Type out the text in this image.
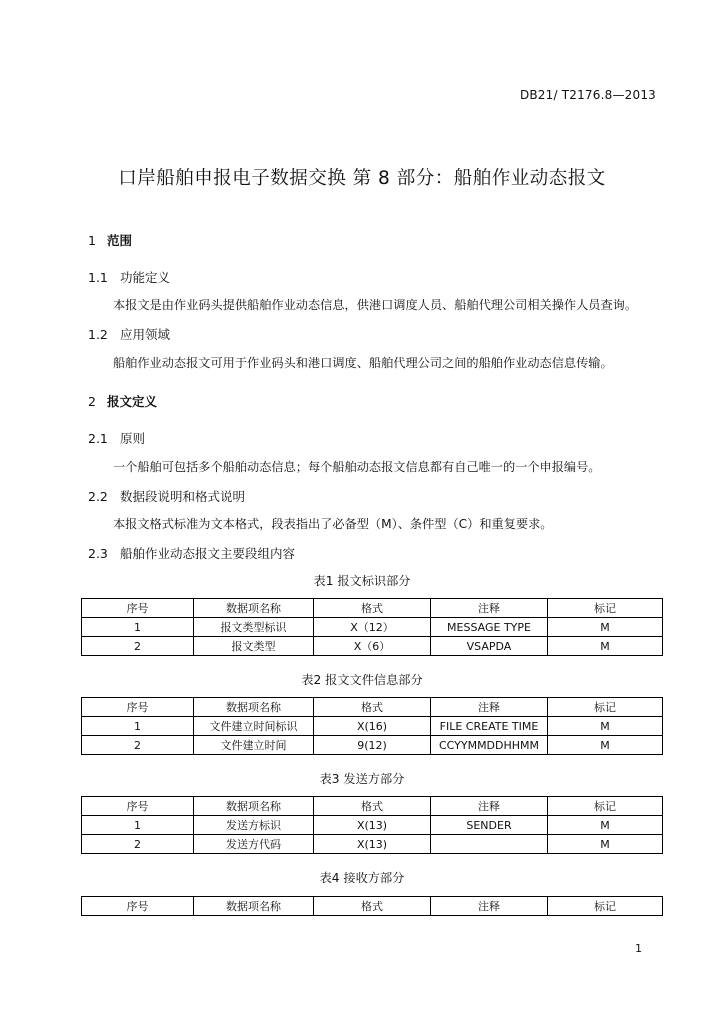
DB21/ T2176.8—2013
口岸船舶申报电子数据交换 第 8 部分：船舶作业动态报文
1 范围
1.1 功能定义
本报文是由作业码头提供船舶作业动态信息，供港口调度人员、船舶代理公司相关操作人员查询。
1.2 应用领域
船舶作业动态报文可用于作业码头和港口调度、船舶代理公司之间的船舶作业动态信息传输。
2 报文定义
2.1 原则
一个船舶可包括多个船舶动态信息；每个船舶动态报文信息都有自己唯一的一个申报编号。
2.2 数据段说明和格式说明
本报文格式标准为文本格式，段表指出了必备型（M）、条件型（C）和重复要求。
2.3 船舶作业动态报文主要段组内容
表1 报文标识部分
序号	数据项名称	格式	注释	标记
1	报文类型标识	X（12）	MESSAGE TYPE	M
2	报文类型	X（6）	VSAPDA	M
表2 报文文件信息部分
序号	数据项名称	格式	注释	标记
1	文件建立时间标识	X(16)	FILE CREATE TIME	M
2	文件建立时间	9(12)	CCYYMMDDHHMM	M
表3 发送方部分
序号	数据项名称	格式	注释	标记
1	发送方标识	X(13)	SENDER	M
2	发送方代码	X(13)		M
表4 接收方部分
序号	数据项名称	格式	注释	标记
1
